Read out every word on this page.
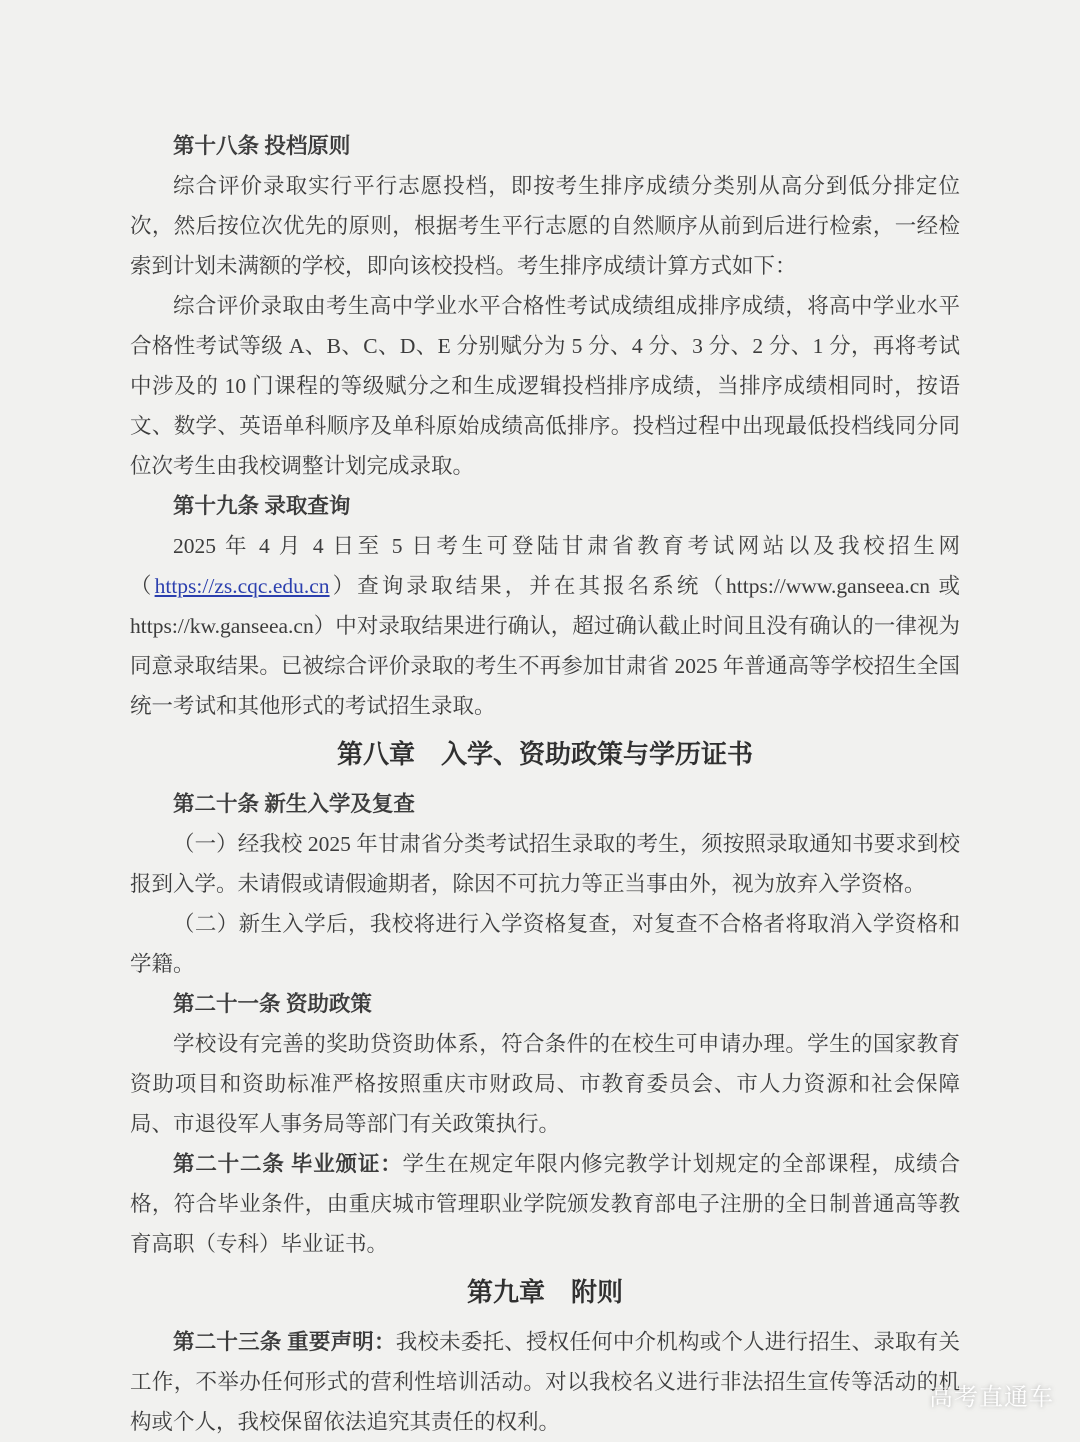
第十八条 投档原则

综合评价录取实行平行志愿投档，即按考生排序成绩分类别从高分到低分排定位次，然后按位次优先的原则，根据考生平行志愿的自然顺序从前到后进行检索，一经检索到计划未满额的学校，即向该校投档。考生排序成绩计算方式如下：

综合评价录取由考生高中学业水平合格性考试成绩组成排序成绩，将高中学业水平合格性考试等级 A、B、C、D、E 分别赋分为 5 分、4 分、3 分、2 分、1 分，再将考试中涉及的 10 门课程的等级赋分之和生成逻辑投档排序成绩，当排序成绩相同时，按语文、数学、英语单科顺序及单科原始成绩高低排序。投档过程中出现最低投档线同分同位次考生由我校调整计划完成录取。

第十九条 录取查询

2025 年 4 月 4 日至 5 日考生可登陆甘肃省教育考试网站以及我校招生网（https://zs.cqc.edu.cn）查询录取结果，并在其报名系统（https://www.ganseea.cn 或 https://kw.ganseea.cn）中对录取结果进行确认，超过确认截止时间且没有确认的一律视为同意录取结果。已被综合评价录取的考生不再参加甘肃省 2025 年普通高等学校招生全国统一考试和其他形式的考试招生录取。

第八章　入学、资助政策与学历证书
第二十条 新生入学及复查

（一）经我校 2025 年甘肃省分类考试招生录取的考生，须按照录取通知书要求到校报到入学。未请假或请假逾期者，除因不可抗力等正当事由外，视为放弃入学资格。

（二）新生入学后，我校将进行入学资格复查，对复查不合格者将取消入学资格和学籍。

第二十一条 资助政策

学校设有完善的奖助贷资助体系，符合条件的在校生可申请办理。学生的国家教育资助项目和资助标准严格按照重庆市财政局、市教育委员会、市人力资源和社会保障局、市退役军人事务局等部门有关政策执行。

第二十二条 毕业颁证：学生在规定年限内修完教学计划规定的全部课程，成绩合格，符合毕业条件，由重庆城市管理职业学院颁发教育部电子注册的全日制普通高等教育高职（专科）毕业证书。

第九章　附则

第二十三条 重要声明：我校未委托、授权任何中介机构或个人进行招生、录取有关工作，不举办任何形式的营利性培训活动。对以我校名义进行非法招生宣传等活动的机构或个人，我校保留依法追究其责任的权利。

高考直通车
